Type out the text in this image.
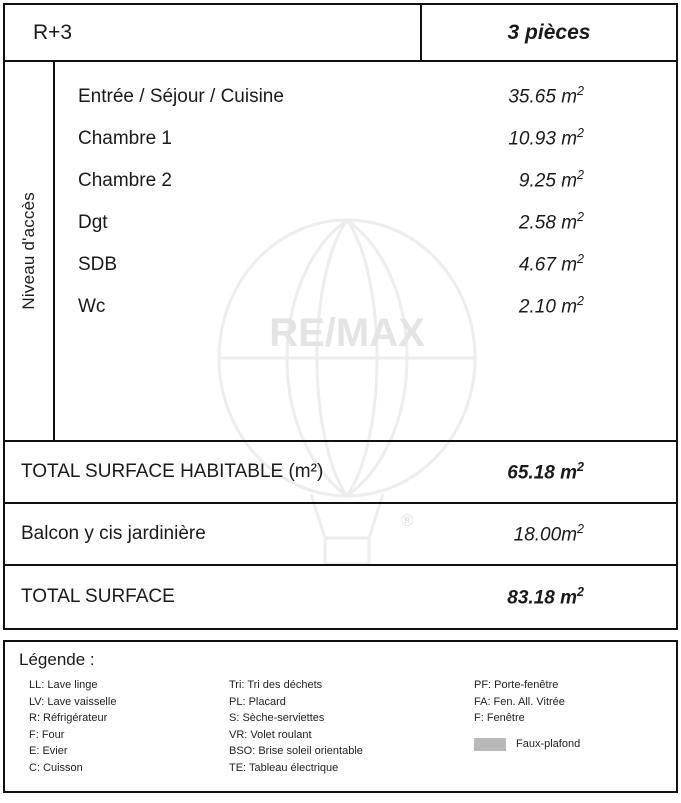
RE/MAX
®
R+3	3 pièces
Niveau d'accès
Entrée / Séjour / Cuisine	35.65 $m^2$
Chambre 1	10.93 $m^2$
Chambre 2	9.25 $m^2$
Dgt	2.58 $m^2$
SDB	4.67 $m^2$
Wc	2.10 $m^2$
TOTAL SURFACE HABITABLE (m²)	65.18 $m^2$
Balcon y cis jardinière	$18.00m^2$
TOTAL SURFACE	83.18 $m^2$
Légende :
LL: Lave linge
LV: Lave vaisselle
R: Réfrigérateur
F: Four
E: Evier
C: Cuisson
Tri: Tri des déchets
PL: Placard
S: Sèche-serviettes
VR: Volet roulant
BSO: Brise soleil orientable
TE: Tableau électrique
PF: Porte-fenêtre
FA: Fen. All. Vitrée
F: Fenêtre
Faux-plafond
